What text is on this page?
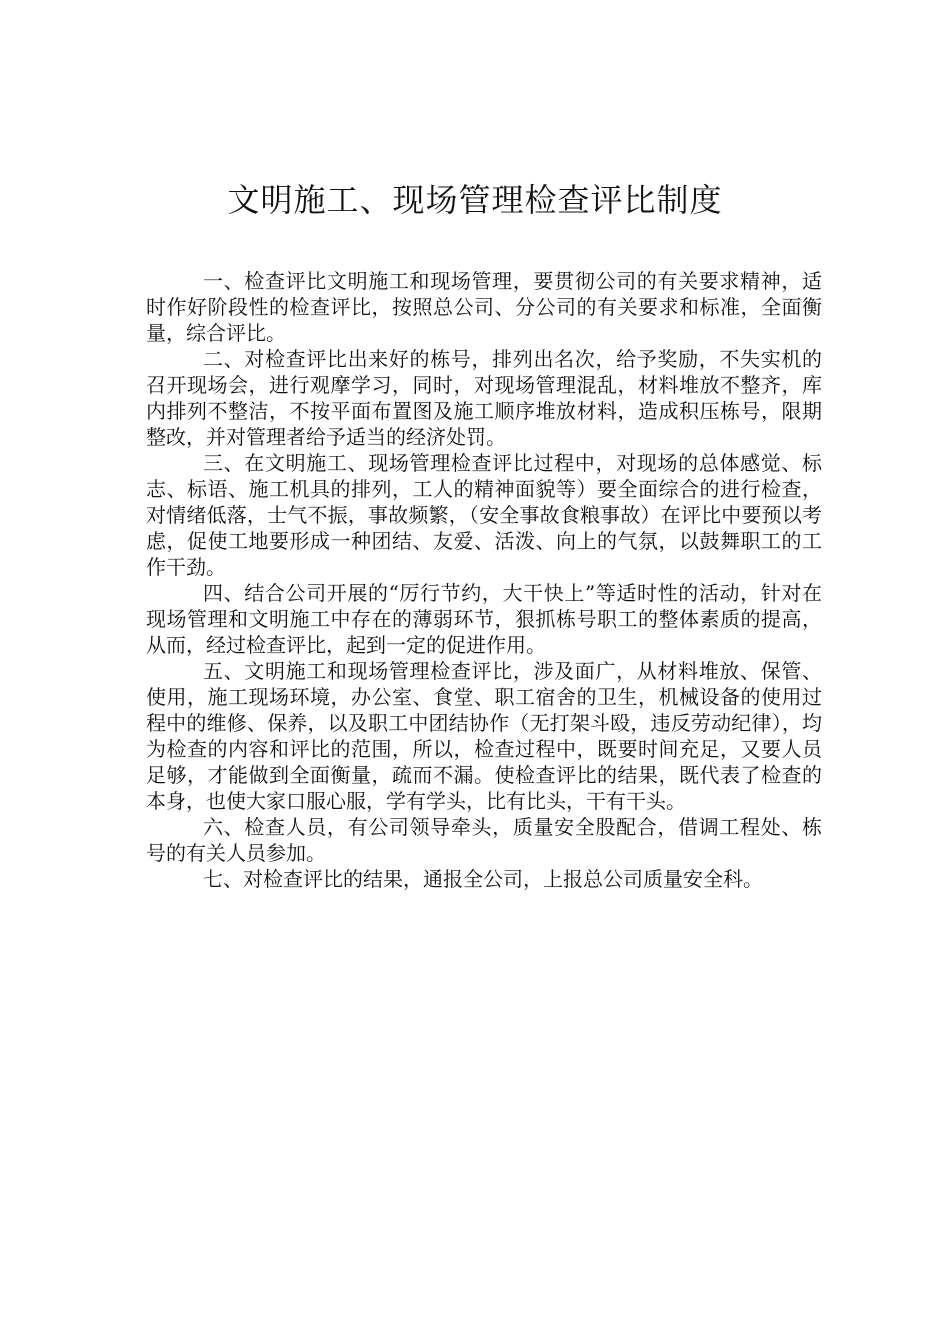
文明施工、现场管理检查评比制度

一、检查评比文明施工和现场管理，要贯彻公司的有关要求精神，适时作好阶段性的检查评比，按照总公司、分公司的有关要求和标准，全面衡量，综合评比。

二、对检查评比出来好的栋号，排列出名次，给予奖励，不失实机的召开现场会，进行观摩学习，同时，对现场管理混乱，材料堆放不整齐，库内排列不整洁，不按平面布置图及施工顺序堆放材料，造成积压栋号，限期整改，并对管理者给予适当的经济处罚。

三、在文明施工、现场管理检查评比过程中，对现场的总体感觉、标志、标语、施工机具的排列，工人的精神面貌等）要全面综合的进行检查，对情绪低落，士气不振，事故频繁，（安全事故食粮事故）在评比中要预以考虑，促使工地要形成一种团结、友爱、活泼、向上的气氛，以鼓舞职工的工作干劲。

四、结合公司开展的“厉行节约，大干快上”等适时性的活动，针对在现场管理和文明施工中存在的薄弱环节，狠抓栋号职工的整体素质的提高，从而，经过检查评比，起到一定的促进作用。

五、文明施工和现场管理检查评比，涉及面广，从材料堆放、保管、使用，施工现场环境，办公室、食堂、职工宿舍的卫生，机械设备的使用过程中的维修、保养，以及职工中团结协作（无打架斗殴，违反劳动纪律），均为检查的内容和评比的范围，所以，检查过程中，既要时间充足，又要人员足够，才能做到全面衡量，疏而不漏。使检查评比的结果，既代表了检查的本身，也使大家口服心服，学有学头，比有比头，干有干头。

六、检查人员，有公司领导牵头，质量安全股配合，借调工程处、栋号的有关人员参加。

七、对检查评比的结果，通报全公司，上报总公司质量安全科。
